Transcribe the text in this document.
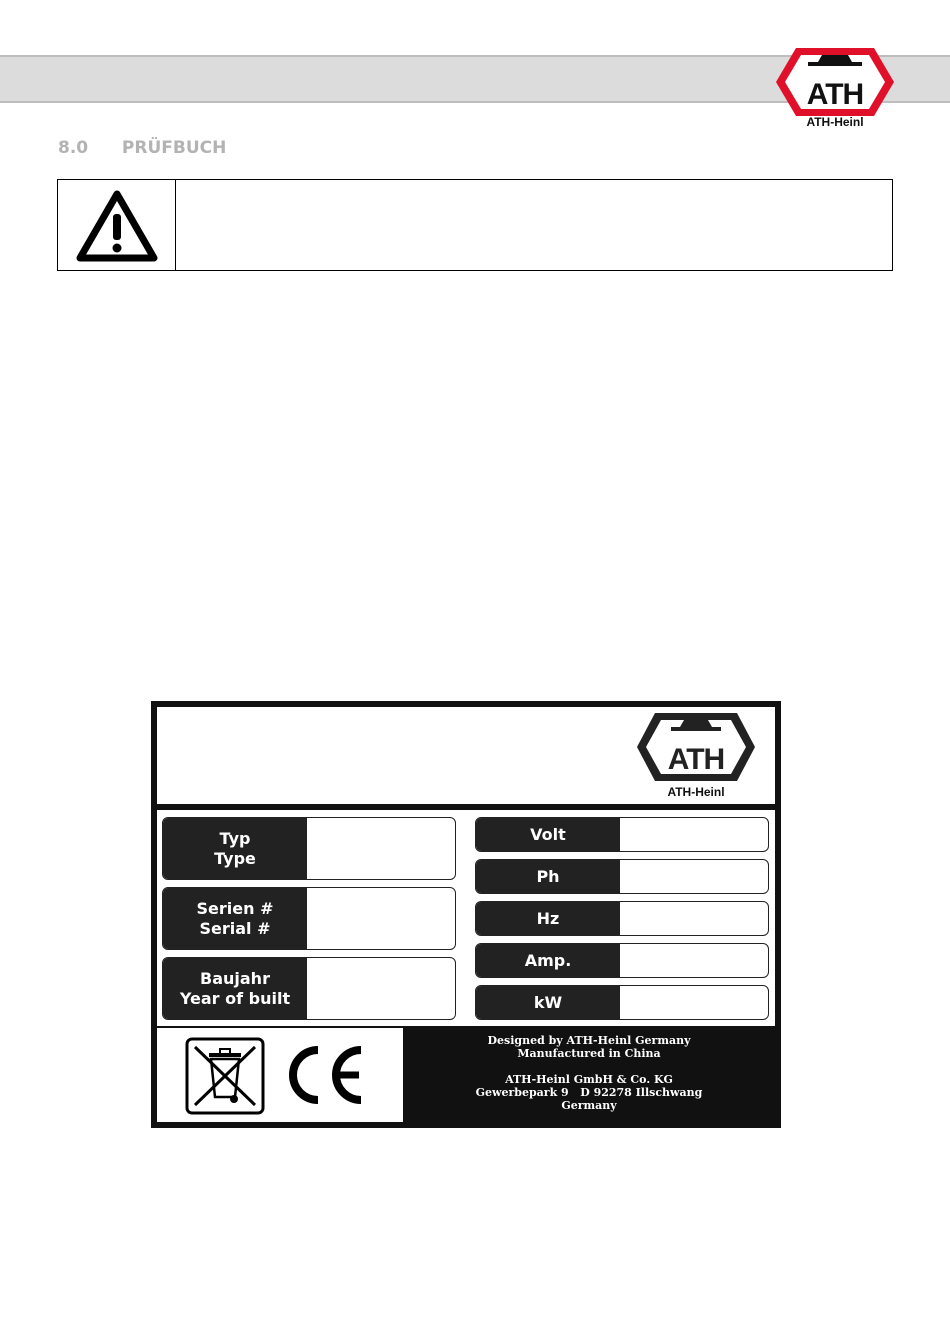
ATH
ATH-Heinl
8.0 PRÜFBUCH
ATH
ATH-Heinl
Typ
Type
Serien #
Serial #
Baujahr
Year of built
Volt
Ph
Hz
Amp.
kW
Designed by ATH-Heinl Germany
Manufactured in China
ATH-Heinl GmbH & Co. KG
Gewerbepark 9   D 92278 Illschwang
Germany
